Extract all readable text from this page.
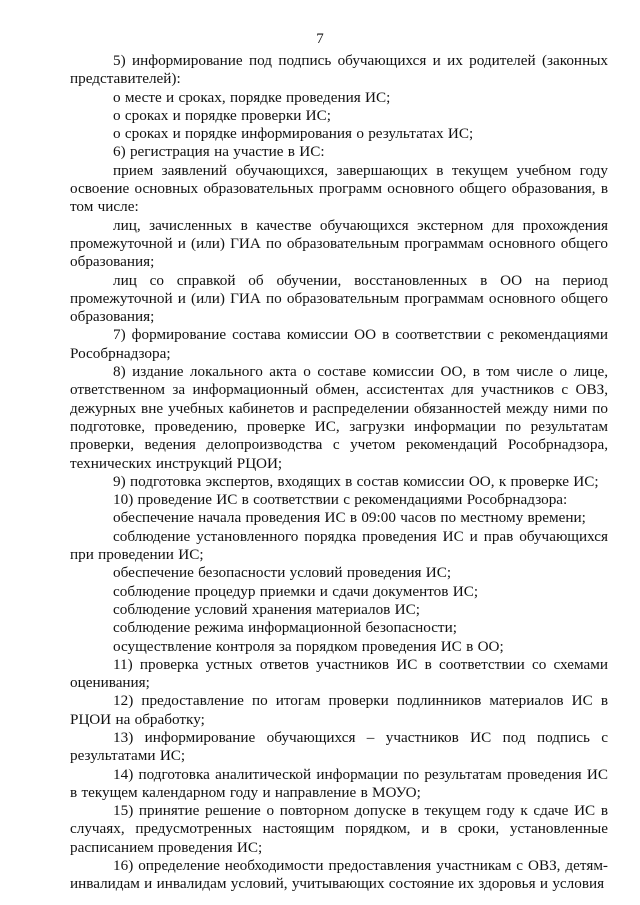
7

5) информирование под подпись обучающихся и их родителей (законных представителей):

о месте и сроках, порядке проведения ИС;

о сроках и порядке проверки ИС;

о сроках и порядке информирования о результатах ИС;

6) регистрация на участие в ИС:

прием заявлений обучающихся, завершающих в текущем учебном году освоение основных образовательных программ основного общего образования, в том числе:

лиц, зачисленных в качестве обучающихся экстерном для прохождения промежуточной и (или) ГИА по образовательным программам основного общего образования;

лиц со справкой об обучении, восстановленных в ОО на период промежуточной и (или) ГИА по образовательным программам основного общего образования;

7) формирование состава комиссии ОО в соответствии с рекомендациями Рособрнадзора;

8) издание локального акта о составе комиссии ОО, в том числе о лице, ответственном за информационный обмен, ассистентах для участников с ОВЗ, дежурных вне учебных кабинетов и распределении обязанностей между ними по подготовке, проведению, проверке ИС, загрузки информации по результатам проверки, ведения делопроизводства с учетом рекомендаций Рособрнадзора, технических инструкций РЦОИ;

9) подготовка экспертов, входящих в состав комиссии ОО, к проверке ИС;

10) проведение ИС в соответствии с рекомендациями Рособрнадзора:

обеспечение начала проведения ИС в 09:00 часов по местному времени;

соблюдение установленного порядка проведения ИС и прав обучающихся при проведении ИС;

обеспечение безопасности условий проведения ИС;

соблюдение процедур приемки и сдачи документов ИС;

соблюдение условий хранения материалов ИС;

соблюдение режима информационной безопасности;

осуществление контроля за порядком проведения ИС в ОО;

11) проверка устных ответов участников ИС в соответствии со схемами оценивания;

12) предоставление по итогам проверки подлинников материалов ИС в РЦОИ на обработку;

13) информирование обучающихся – участников ИС под подпись с результатами ИС;

14) подготовка аналитической информации по результатам проведения ИС в текущем календарном году и направление в МОУО;

15) принятие решение о повторном допуске в текущем году к сдаче ИС в случаях, предусмотренных настоящим порядком, и в сроки, установленные расписанием проведения ИС;

16) определение необходимости предоставления участникам с ОВЗ, детям-инвалидам и инвалидам условий, учитывающих состояние их здоровья и условия
